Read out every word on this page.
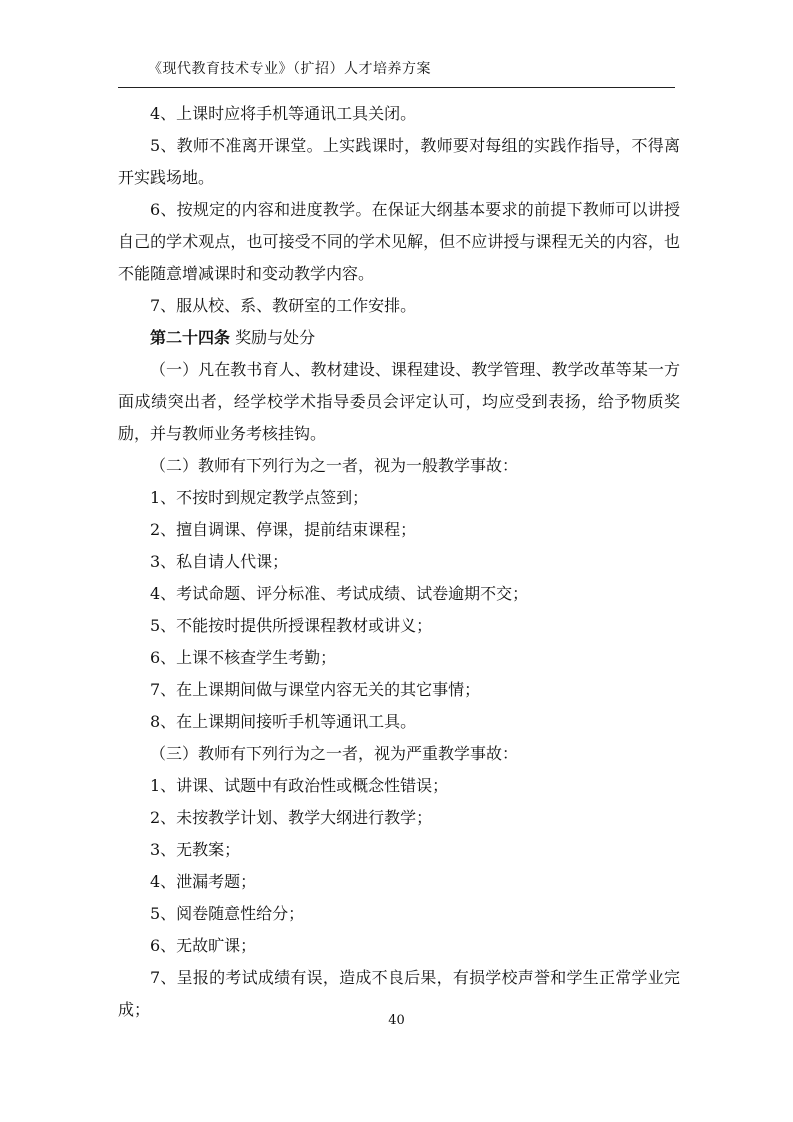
《现代教育技术专业》（扩招）人才培养方案

4、上课时应将手机等通讯工具关闭。

5、教师不准离开课堂。上实践课时，教师要对每组的实践作指导，不得离开实践场地。

6、按规定的内容和进度教学。在保证大纲基本要求的前提下教师可以讲授自己的学术观点，也可接受不同的学术见解，但不应讲授与课程无关的内容，也不能随意增减课时和变动教学内容。

7、服从校、系、教研室的工作安排。

第二十四条 奖励与处分

（一）凡在教书育人、教材建设、课程建设、教学管理、教学改革等某一方面成绩突出者，经学校学术指导委员会评定认可，均应受到表扬，给予物质奖励，并与教师业务考核挂钩。

（二）教师有下列行为之一者，视为一般教学事故：

1、不按时到规定教学点签到；

2、擅自调课、停课，提前结束课程；

3、私自请人代课；

4、考试命题、评分标准、考试成绩、试卷逾期不交；

5、不能按时提供所授课程教材或讲义；

6、上课不核查学生考勤；

7、在上课期间做与课堂内容无关的其它事情；

8、在上课期间接听手机等通讯工具。

（三）教师有下列行为之一者，视为严重教学事故：

1、讲课、试题中有政治性或概念性错误；

2、未按教学计划、教学大纲进行教学；

3、无教案；

4、泄漏考题；

5、阅卷随意性给分；

6、无故旷课；

7、呈报的考试成绩有误，造成不良后果，有损学校声誉和学生正常学业完成；

40
